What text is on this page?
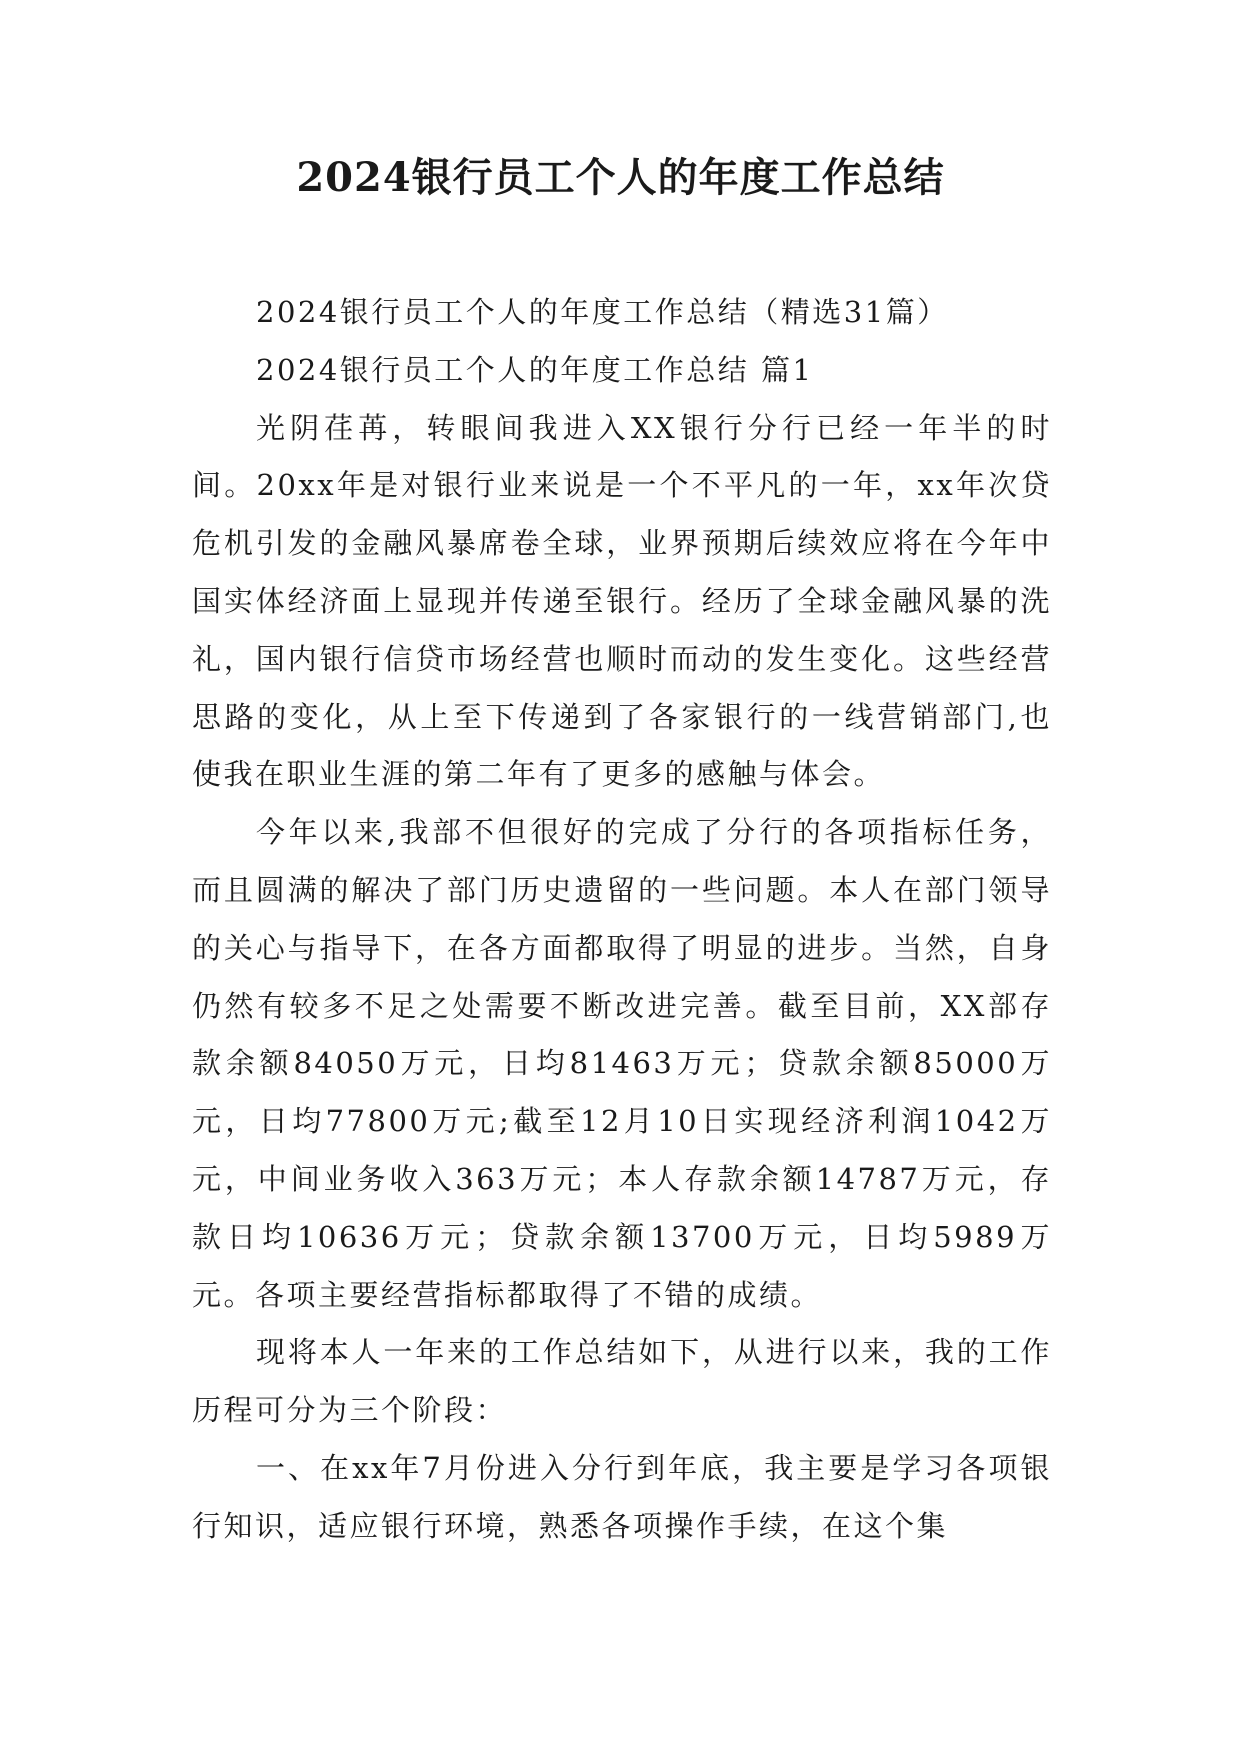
2024银行员工个人的年度工作总结

2024银行员工个人的年度工作总结（精选31篇）

2024银行员工个人的年度工作总结 篇1

光阴荏苒，转眼间我进入XX银行分行已经一年半的时间。20xx年是对银行业来说是一个不平凡的一年，xx年次贷危机引发的金融风暴席卷全球，业界预期后续效应将在今年中国实体经济面上显现并传递至银行。经历了全球金融风暴的洗礼，国内银行信贷市场经营也顺时而动的发生变化。这些经营思路的变化，从上至下传递到了各家银行的一线营销部门,也使我在职业生涯的第二年有了更多的感触与体会。

今年以来,我部不但很好的完成了分行的各项指标任务，而且圆满的解决了部门历史遗留的一些问题。本人在部门领导的关心与指导下，在各方面都取得了明显的进步。当然，自身仍然有较多不足之处需要不断改进完善。截至目前，XX部存款余额84050万元，日均81463万元；贷款余额85000万元，日均77800万元;截至12月10日实现经济利润1042万元，中间业务收入363万元；本人存款余额14787万元，存款日均10636万元；贷款余额13700万元，日均5989万元。各项主要经营指标都取得了不错的成绩。

现将本人一年来的工作总结如下，从进行以来，我的工作历程可分为三个阶段：

一、在xx年7月份进入分行到年底，我主要是学习各项银行知识，适应银行环境，熟悉各项操作手续，在这个集
